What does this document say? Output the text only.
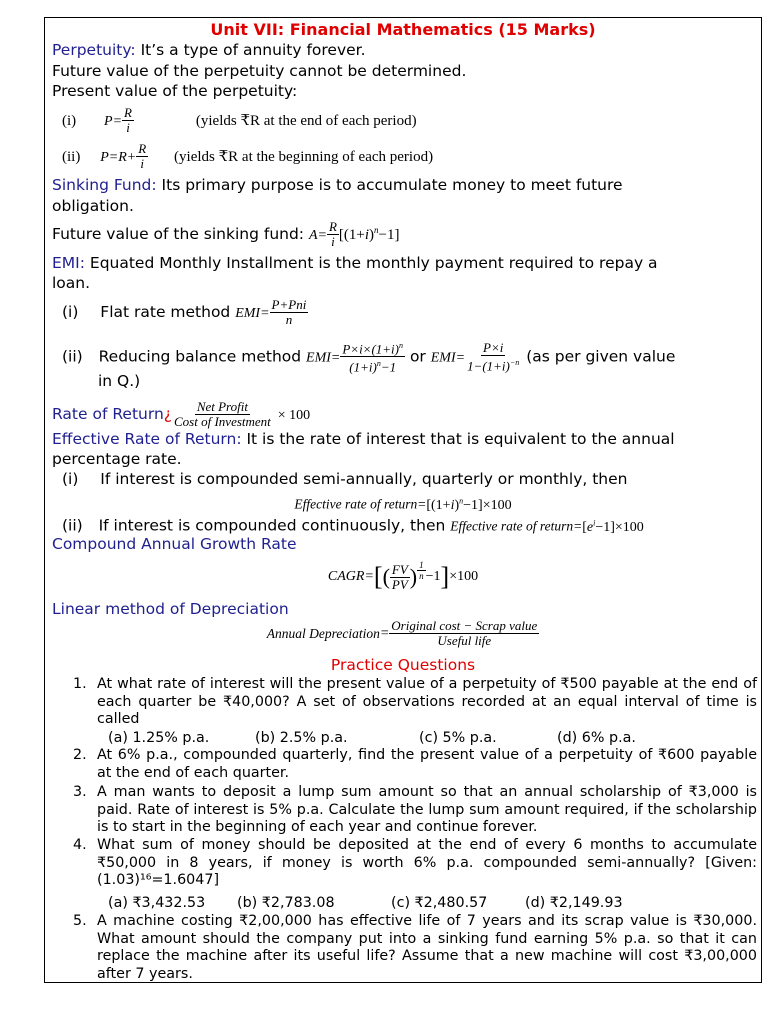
Unit VII: Financial Mathematics (15 Marks)
Perpetuity: It’s a type of annuity forever.
Future value of the perpetuity cannot be determined.
Present value of the perpetuity:
(i) $P= \frac{R}{i}$	(yields ₹R at the end of each period)
(ii) $P=R+ \frac{R}{i}$ (yields ₹R at the beginning of each period)
Sinking Fund: Its primary purpose is to accumulate money to meet future
obligation.
Future value of the sinking fund: $A= \frac{R}{i} [(1+i)^n-1]$
EMI: Equated Monthly Installment is the monthly payment required to repay a
loan.
(i) Flat rate method $EMI= \frac{\text{P+Pni}}{n}$
(ii) Reducing balance method $EMI= \frac{P\times i\times(1+i)^n}{(1+i)^n-1}$ or $EMI= \frac{P\times i}{1-(1+i)^{-n}} (as$ per given value
in Q.)
Rate of Return¿ $\frac{\text{Net Profit}}{\text{Cost of Investment}} \times 100$
Effective Rate of Return: It is the rate of interest that is equivalent to the annual
percentage rate.
(i) If interest is compounded semi-annually, quarterly or monthly, then
Effective rate of $return=[(1+i)^n-1]\times 100$
(ii) If interest is compounded continuously, then Effective rate of $return=[e^i-1]\times 100$
Compound Annual Growth Rate
CAGR= [ ( $\frac{FV}{PV}$ ) $\frac{1}{n} -1$ ] ×100
Linear method of Depreciation
Annual Depreciation = $\frac{\text{Original cost − Scrap value}}{\text{Useful life}}$
Practice Questions
1. At what rate of interest will the present value of a perpetuity of ₹500 payable at the end of each quarter be ₹40,000? A set of observations recorded at an equal interval of time is called
(a) 1.25% p.a.	(b) 2.5% p.a.	(c) 5% p.a.	(d) 6% p.a.
2. At 6% p.a., compounded quarterly, find the present value of a perpetuity of ₹600 payable at the end of each quarter.
3. A man wants to deposit a lump sum amount so that an annual scholarship of ₹3,000 is paid. Rate of interest is 5% p.a. Calculate the lump sum amount required, if the scholarship is to start in the beginning of each year and continue forever.
4. What sum of money should be deposited at the end of every 6 months to accumulate ₹50,000 in 8 years, if money is worth 6% p.a. compounded semi-annually? [Given: (1.03)¹⁶=1.6047]
(a) ₹3,432.53 (b) ₹2,783.08	(c) ₹2,480.57	(d) ₹2,149.93
5. A machine costing ₹2,00,000 has effective life of 7 years and its scrap value is ₹30,000. What amount should the company put into a sinking fund earning 5% p.a. so that it can replace the machine after its useful life? Assume that a new machine will cost ₹3,00,000 after 7 years.
